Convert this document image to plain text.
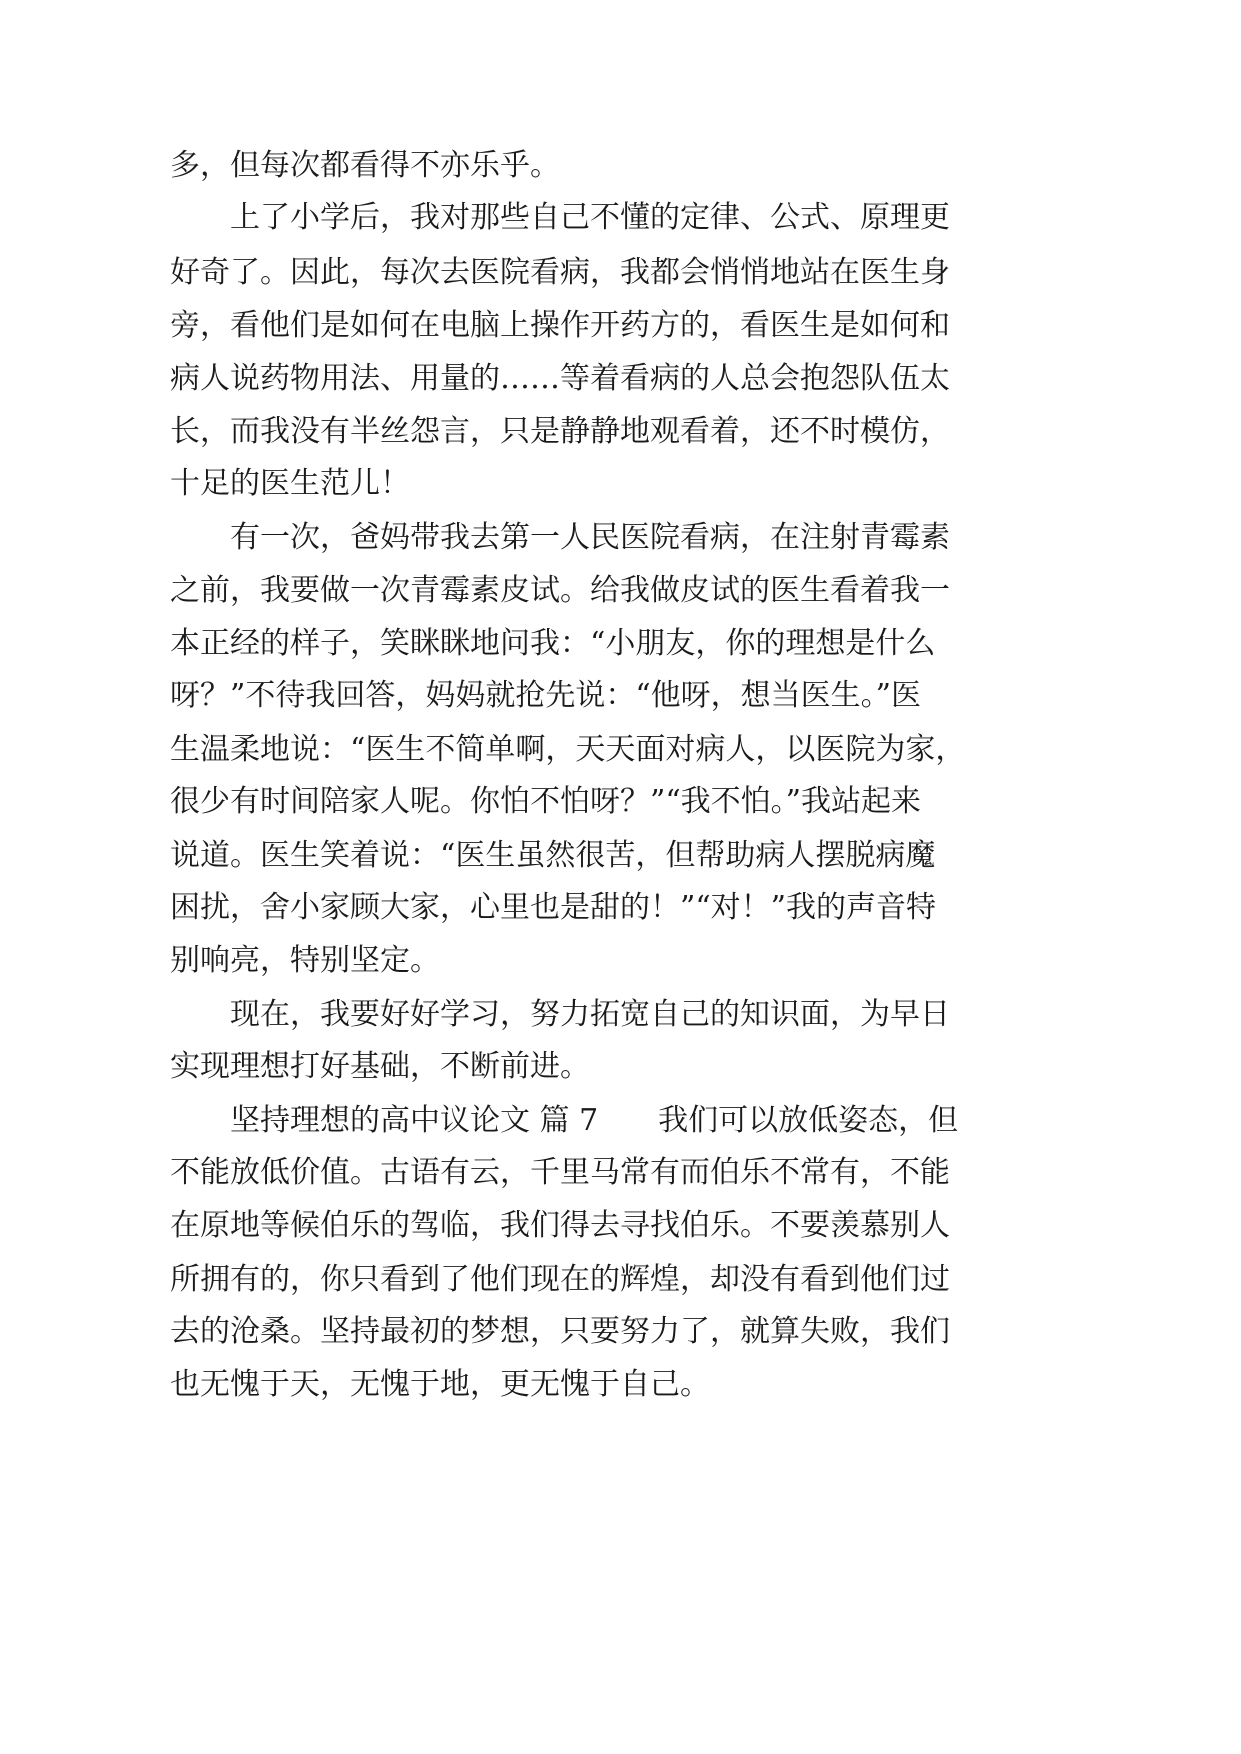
多，但每次都看得不亦乐乎。

上了小学后，我对那些自己不懂的定律、公式、原理更

好奇了。因此，每次去医院看病，我都会悄悄地站在医生身

旁，看他们是如何在电脑上操作开药方的，看医生是如何和

病人说药物用法、用量的……等着看病的人总会抱怨队伍太

长，而我没有半丝怨言，只是静静地观看着，还不时模仿，

十足的医生范儿！

有一次，爸妈带我去第一人民医院看病，在注射青霉素

之前，我要做一次青霉素皮试。给我做皮试的医生看着我一

本正经的样子，笑眯眯地问我：“小朋友，你的理想是什么

呀？”不待我回答，妈妈就抢先说：“他呀，想当医生。”医

生温柔地说：“医生不简单啊，天天面对病人，以医院为家，

很少有时间陪家人呢。你怕不怕呀？”“我不怕。”我站起来

说道。医生笑着说：“医生虽然很苦，但帮助病人摆脱病魔

困扰，舍小家顾大家，心里也是甜的！”“对！”我的声音特

别响亮，特别坚定。

现在，我要好好学习，努力拓宽自己的知识面，为早日

实现理想打好基础，不断前进。

坚持理想的高中议论文 篇 7　　我们可以放低姿态，但

不能放低价值。古语有云，千里马常有而伯乐不常有，不能

在原地等候伯乐的驾临，我们得去寻找伯乐。不要羡慕别人

所拥有的，你只看到了他们现在的辉煌，却没有看到他们过

去的沧桑。坚持最初的梦想，只要努力了，就算失败，我们

也无愧于天，无愧于地，更无愧于自己。
